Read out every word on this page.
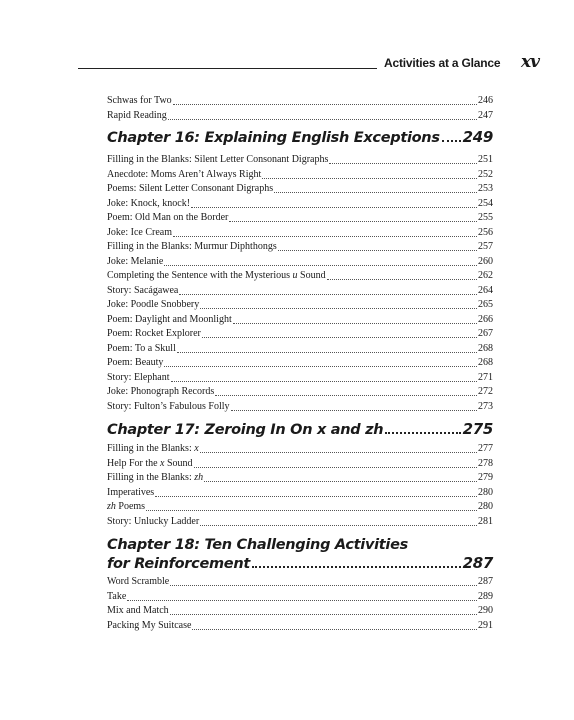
Activities at a Glance xv
Schwas for Two	246
Rapid Reading	247
Chapter 16: Explaining English Exceptions 249
Filling in the Blanks: Silent Letter Consonant Digraphs	251
Anecdote: Moms Aren’t Always Right	252
Poems: Silent Letter Consonant Digraphs	253
Joke: Knock, knock!	254
Poem: Old Man on the Border	255
Joke: Ice Cream	256
Filling in the Blanks: Murmur Diphthongs	257
Joke: Melanie	260
Completing the Sentence with the Mysterious u Sound	262
Story: Sacágawea	264
Joke: Poodle Snobbery	265
Poem: Daylight and Moonlight	266
Poem: Rocket Explorer	267
Poem: To a Skull	268
Poem: Beauty	268
Story: Elephant	271
Joke: Phonograph Records	272
Story: Fulton’s Fabulous Folly	273
Chapter 17: Zeroing In On x and zh	275
Filling in the Blanks: x	277
Help For the x Sound	278
Filling in the Blanks: zh	279
Imperatives	280
zh Poems	280
Story: Unlucky Ladder	281
Chapter 18: Ten Challenging Activities
for Reinforcement	287
Word Scramble	287
Take	289
Mix and Match	290
Packing My Suitcase	291
